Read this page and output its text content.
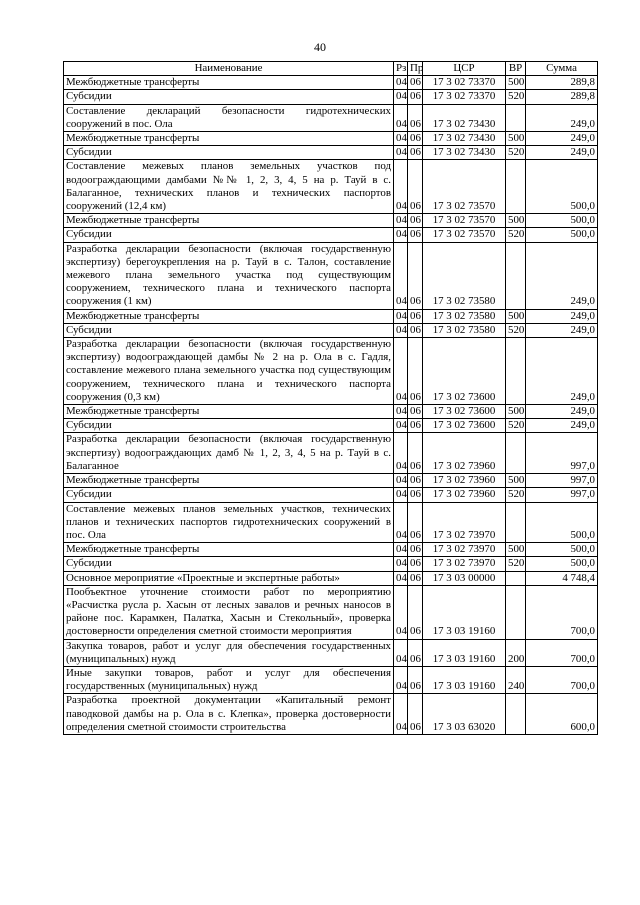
40
Наименование	Рз	Пр	ЦСР	ВР	Сумма
Межбюджетные трансферты	04	06	17 3 02 73370	500	289,8
Субсидии	04	06	17 3 02 73370	520	289,8
Составление деклараций безопасности гидротехнических сооружений в пос. Ола	04	06	17 3 02 73430		249,0
Межбюджетные трансферты	04	06	17 3 02 73430	500	249,0
Субсидии	04	06	17 3 02 73430	520	249,0
Составление межевых планов земельных участков под водоограждающими дамбами №№ 1, 2, 3, 4, 5 на р. Тауй в с. Балаганное, технических планов и технических паспортов сооружений (12,4 км)	04	06	17 3 02 73570		500,0
Межбюджетные трансферты	04	06	17 3 02 73570	500	500,0
Субсидии	04	06	17 3 02 73570	520	500,0
Разработка декларации безопасности (включая государственную экспертизу) берегоукрепления на р. Тауй в с. Талон, составление межевого плана земельного участка под существующим сооружением, технического плана и технического паспорта сооружения (1 км)	04	06	17 3 02 73580		249,0
Межбюджетные трансферты	04	06	17 3 02 73580	500	249,0
Субсидии	04	06	17 3 02 73580	520	249,0
Разработка декларации безопасности (включая государственную экспертизу) водоограждающей дамбы № 2 на р. Ола в с. Гадля, составление межевого плана земельного участка под существующим сооружением, технического плана и технического паспорта сооружения (0,3 км)	04	06	17 3 02 73600		249,0
Межбюджетные трансферты	04	06	17 3 02 73600	500	249,0
Субсидии	04	06	17 3 02 73600	520	249,0
Разработка декларации безопасности (включая государственную экспертизу) водоограждающих дамб № 1, 2, 3, 4, 5 на р. Тауй в с. Балаганное	04	06	17 3 02 73960		997,0
Межбюджетные трансферты	04	06	17 3 02 73960	500	997,0
Субсидии	04	06	17 3 02 73960	520	997,0
Составление межевых планов земельных участков, технических планов и технических паспортов гидротехнических сооружений в пос. Ола	04	06	17 3 02 73970		500,0
Межбюджетные трансферты	04	06	17 3 02 73970	500	500,0
Субсидии	04	06	17 3 02 73970	520	500,0
Основное мероприятие «Проектные и экспертные работы»	04	06	17 3 03 00000		4 748,4
Пообъектное уточнение стоимости работ по мероприятию «Расчистка русла р. Хасын от лесных завалов и речных наносов в районе пос. Карамкен, Палатка, Хасын и Стекольный», проверка достоверности определения сметной стоимости мероприятия	04	06	17 3 03 19160		700,0
Закупка товаров, работ и услуг для обеспечения государственных (муниципальных) нужд	04	06	17 3 03 19160	200	700,0
Иные закупки товаров, работ и услуг для обеспечения государственных (муниципальных) нужд	04	06	17 3 03 19160	240	700,0
Разработка проектной документации «Капитальный ремонт паводковой дамбы на р. Ола в с. Клепка», проверка достоверности определения сметной стоимости строительства	04	06	17 3 03 63020		600,0
